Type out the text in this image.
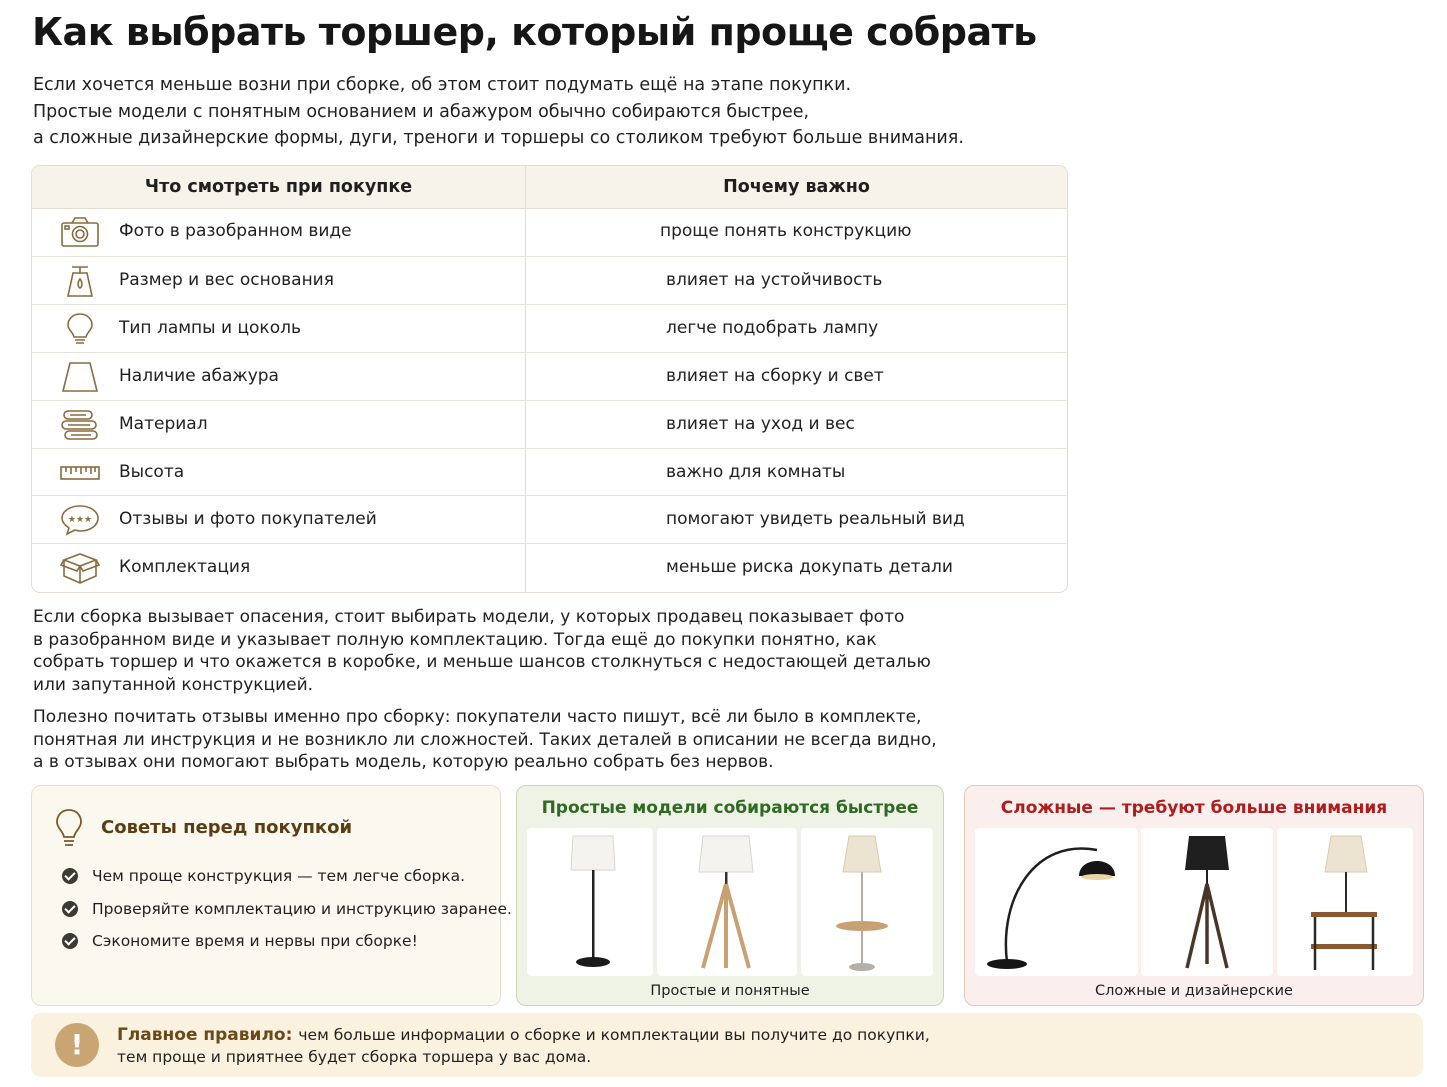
Как выбрать торшер, который проще собрать
Если хочется меньше возни при сборке, об этом стоит подумать ещё на этапе покупки.
Простые модели с понятным основанием и абажуром обычно собираются быстрее,
а сложные дизайнерские формы, дуги, треноги и торшеры со столиком требуют больше внимания.
Что смотреть при покупке	Почему важно
Фото в разобранном виде	проще понять конструкцию
Размер и вес основания	влияет на устойчивость
Тип лампы и цоколь	легче подобрать лампу
Наличие абажура	влияет на сборку и свет
Материал	влияет на уход и вес
Высота	важно для комнаты
★★★ Отзывы и фото покупателей	помогают увидеть реальный вид
Комплектация	меньше риска докупать детали
Если сборка вызывает опасения, стоит выбирать модели, у которых продавец показывает фото
в разобранном виде и указывает полную комплектацию. Тогда ещё до покупки понятно, как
собрать торшер и что окажется в коробке, и меньше шансов столкнуться с недостающей деталью
или запутанной конструкцией.
Полезно почитать отзывы именно про сборку: покупатели часто пишут, всё ли было в комплекте,
понятная ли инструкция и не возникло ли сложностей. Таких деталей в описании не всегда видно,
а в отзывах они помогают выбрать модель, которую реально собрать без нервов.
Советы перед покупкой
Чем проще конструкция — тем легче сборка.
Проверяйте комплектацию и инструкцию заранее.
Сэкономите время и нервы при сборке!
Простые модели собираются быстрее
Простые и понятные
Сложные — требуют больше внимания
Сложные и дизайнерские
!	Главное правило: чем больше информации о сборке и комплектации вы получите до покупки,
тем проще и приятнее будет сборка торшера у вас дома.
